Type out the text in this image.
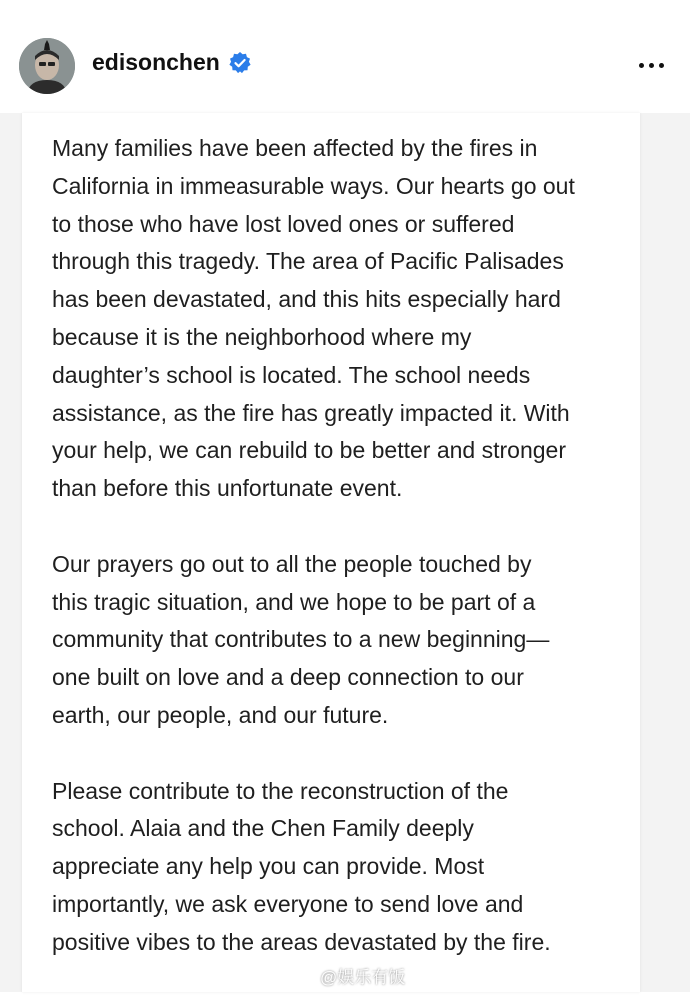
edisonchen

Many families have been affected by the fires in
California in immeasurable ways. Our hearts go out
to those who have lost loved ones or suffered
through this tragedy. The area of Pacific Palisades
has been devastated, and this hits especially hard
because it is the neighborhood where my
daughter’s school is located. The school needs
assistance, as the fire has greatly impacted it. With
your help, we can rebuild to be better and stronger
than before this unfortunate event.

Our prayers go out to all the people touched by
this tragic situation, and we hope to be part of a
community that contributes to a new beginning—
one built on love and a deep connection to our
earth, our people, and our future.

Please contribute to the reconstruction of the
school. Alaia and the Chen Family deeply
appreciate any help you can provide. Most
importantly, we ask everyone to send love and
positive vibes to the areas devastated by the fire.

@娱乐有饭
